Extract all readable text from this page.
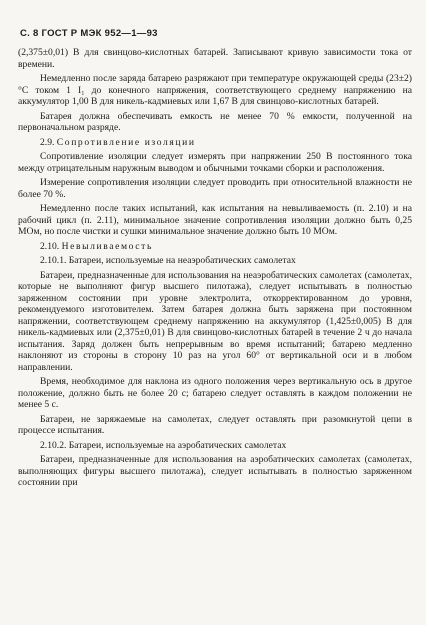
С. 8 ГОСТ Р МЭК 952—1—93

(2,375±0,01) В для свинцово-кислотных батарей. Записывают кривую зависимости тока от времени.

Немедленно после заряда батарею разряжают при температуре окружающей среды (23±2) °С током 1 I₁ до конечного напряжения, соответствующего среднему напряжению на аккумулятор 1,00 В для никель-кадмиевых или 1,67 В для свинцово-кислотных батарей.

Батарея должна обеспечивать емкость не менее 70 % емкости, полученной на первоначальном разряде.

2.9. Сопротивление изоляции

Сопротивление изоляции следует измерять при напряжении 250 В постоянного тока между отрицательным наружным выводом и обычными точками сборки и расположения.

Измерение сопротивления изоляции следует проводить при относительной влажности не более 70 %.

Немедленно после таких испытаний, как испытания на невыливаемость (п. 2.10) и на рабочий цикл (п. 2.11), минимальное значение сопротивления изоляции должно быть 0,25 МОм, но после чистки и сушки минимальное значение должно быть 10 МОм.

2.10. Невыливаемость
2.10.1. Батареи, используемые на неаэробатических самолетах

Батареи, предназначенные для использования на неаэробатических самолетах (самолетах, которые не выполняют фигур высшего пилотажа), следует испытывать в полностью заряженном состоянии при уровне электролита, откорректированном до уровня, рекомендуемого изготовителем. Затем батарея должна быть заряжена при постоянном напряжении, соответствующем среднему напряжению на аккумулятор (1,425±0,005) В для никель-кадмиевых или (2,375±0,01) В для свинцово-кислотных батарей в течение 2 ч до начала испытания. Заряд должен быть непрерывным во время испытаний; батарею медленно наклоняют из стороны в сторону 10 раз на угол 60° от вертикальной оси и в любом направлении.

Время, необходимое для наклона из одного положения через вертикальную ось в другое положение, должно быть не более 20 с; батарею следует оставлять в каждом положении не менее 5 с.

Батареи, не заряжаемые на самолетах, следует оставлять при разомкнутой цепи в процессе испытания.

2.10.2. Батареи, используемые на аэробатических самолетах

Батареи, предназначенные для использования на аэробатических самолетах (самолетах, выполняющих фигуры высшего пилотажа), следует испытывать в полностью заряженном состоянии при
